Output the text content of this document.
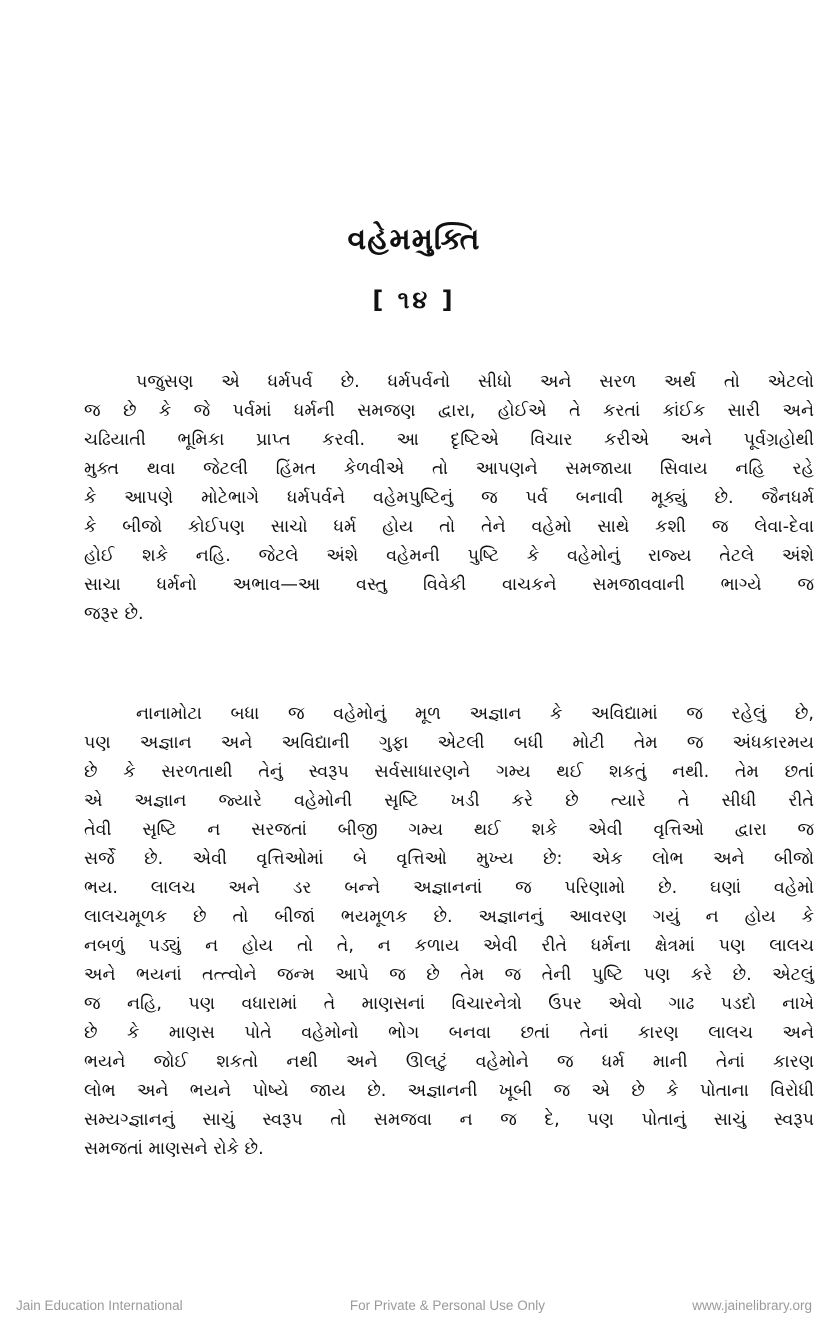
વહેમમુક્તિ
[ ૧૪ ]

પજુસણ એ ધર્મપર્વ છે. ધર્મપર્વનો સીધો અને સરળ અર્થ તો એટલો
જ છે કે જે પર્વમાં ધર્મની સમજણ દ્વારા, હોઈએ તે કરતાં કાંઈક સારી અને
ચઢિયાતી ભૂમિકા પ્રાપ્ત કરવી. આ દૃષ્ટિએ વિચાર કરીએ અને પૂર્વગ્રહોથી
મુક્ત થવા જેટલી હિંમત કેળવીએ તો આપણને સમજાયા સિવાય નહિ રહે
કે આપણે મોટેભાગે ધર્મપર્વને વહેમપુષ્ટિનું જ પર્વ બનાવી મૂક્યું છે. જૈનધર્મ
કે બીજો કોઈપણ સાચો ધર્મ હોય તો તેને વહેમો સાથે કશી જ લેવા-દેવા
હોઈ શકે નહિ. જેટલે અંશે વહેમની પુષ્ટિ કે વહેમોનું રાજ્ય તેટલે અંશે
સાચા ધર્મનો અભાવ—આ વસ્તુ વિવેકી વાચકને સમજાવવાની ભાગ્યે જ
જરૂર છે.

નાનામોટા બધા જ વહેમોનું મૂળ અજ્ઞાન કે અવિદ્યામાં જ રહેલું છે,
પણ અજ્ઞાન અને અવિદ્યાની ગુફા એટલી બધી મોટી તેમ જ અંધકારમય
છે કે સરળતાથી તેનું સ્વરૂપ સર્વસાધારણને ગમ્ય થઈ શકતું નથી. તેમ છતાં
એ અજ્ઞાન જ્યારે વહેમોની સૃષ્ટિ ખડી કરે છે ત્યારે તે સીધી રીતે
તેવી સૃષ્ટિ ન સરજતાં બીજી ગમ્ય થઈ શકે એવી વૃત્તિઓ દ્વારા જ
સર્જે છે. એવી વૃત્તિઓમાં બે વૃત્તિઓ મુખ્ય છે: એક લોભ અને બીજો
ભય. લાલચ અને ડર બન્ને અજ્ઞાનનાં જ પરિણામો છે. ઘણાં વહેમો
લાલચમૂળક છે તો બીજાં ભયમૂળક છે. અજ્ઞાનનું આવરણ ગયું ન હોય કે
નબળું પડ્યું ન હોય તો તે, ન કળાય એવી રીતે ધર્મના ક્ષેત્રમાં પણ લાલચ
અને ભયનાં તત્ત્વોને જન્મ આપે જ છે તેમ જ તેની પુષ્ટિ પણ કરે છે. એટલું
જ નહિ, પણ વધારામાં તે માણસનાં વિચારનેત્રો ઉપર એવો ગાઢ પડદો નાખે
છે કે માણસ પોતે વહેમોનો ભોગ બનવા છતાં તેનાં કારણ લાલચ અને
ભયને જોઈ શકતો નથી અને ઊલટું વહેમોને જ ધર્મ માની તેનાં કારણ
લોભ અને ભયને પોષ્યે જાય છે. અજ્ઞાનની ખૂબી જ એ છે કે પોતાના વિરોધી
સમ્યગ્જ્ઞાનનું સાચું સ્વરૂપ તો સમજવા ન જ દે, પણ પોતાનું સાચું સ્વરૂપ
સમજતાં માણસને રોકે છે.

Jain Education International	For Private & Personal Use Only	www.jainelibrary.org
